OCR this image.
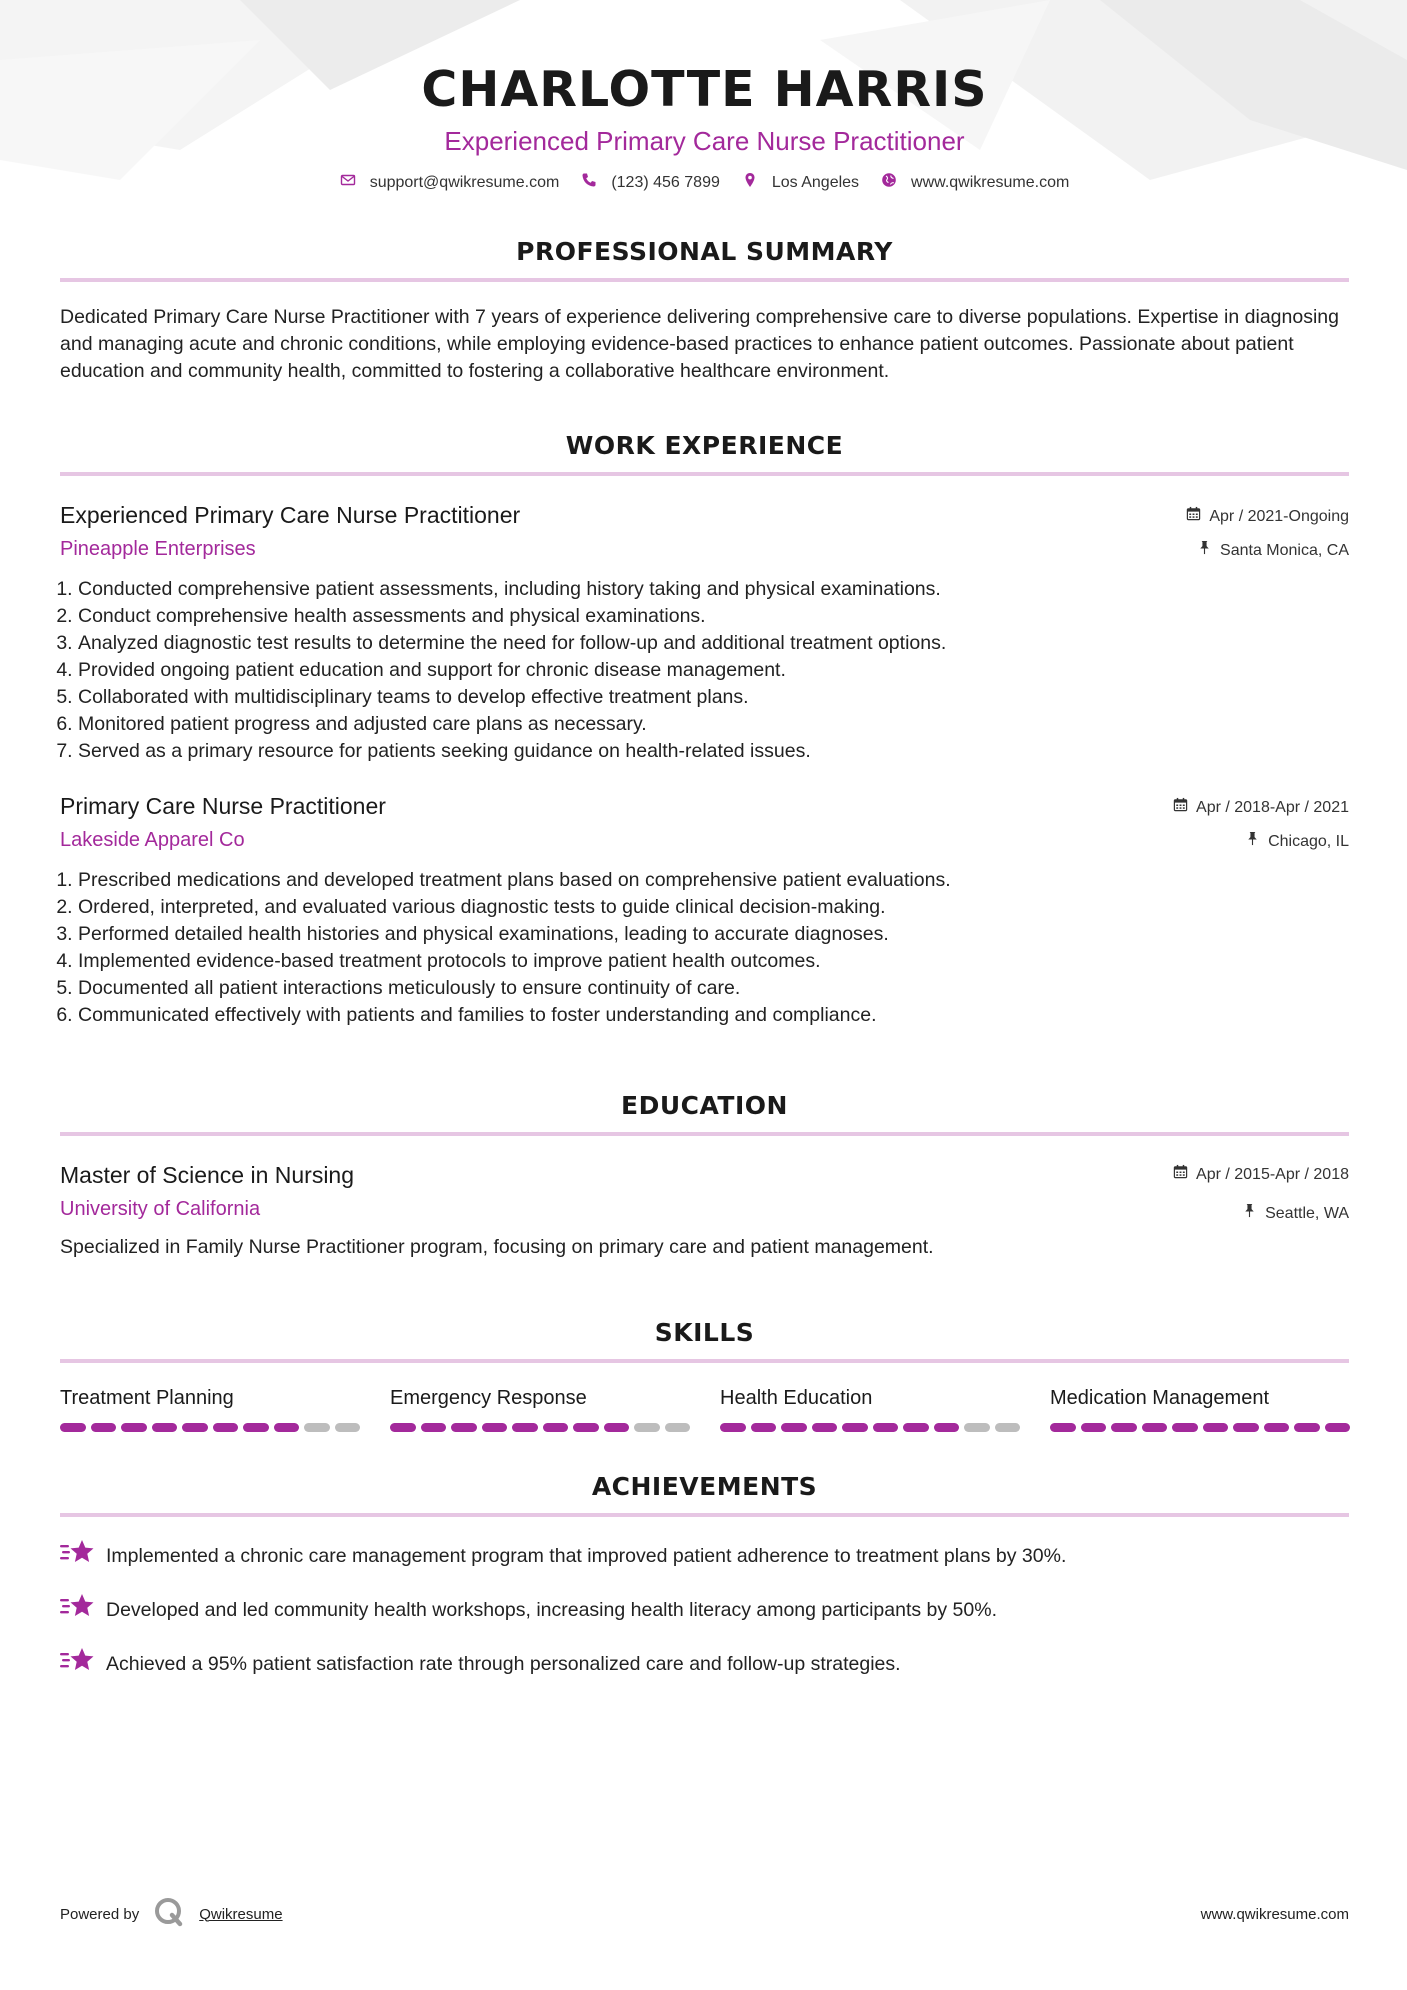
CHARLOTTE HARRIS
Experienced Primary Care Nurse Practitioner
support@qwikresume.com	(123) 456 7899	Los Angeles	www.qwikresume.com
PROFESSIONAL SUMMARY
Dedicated Primary Care Nurse Practitioner with 7 years of experience delivering comprehensive care to diverse populations. Expertise in diagnosing and managing acute and chronic conditions, while employing evidence-based practices to enhance patient outcomes. Passionate about patient education and community health, committed to fostering a collaborative healthcare environment.
WORK EXPERIENCE
Experienced Primary Care Nurse Practitioner
Pineapple Enterprises
Apr / 2021-Ongoing
Santa Monica, CA
1. Conducted comprehensive patient assessments, including history taking and physical examinations.
2. Conduct comprehensive health assessments and physical examinations.
3. Analyzed diagnostic test results to determine the need for follow-up and additional treatment options.
4. Provided ongoing patient education and support for chronic disease management.
5. Collaborated with multidisciplinary teams to develop effective treatment plans.
6. Monitored patient progress and adjusted care plans as necessary.
7. Served as a primary resource for patients seeking guidance on health-related issues.
Primary Care Nurse Practitioner
Lakeside Apparel Co
Apr / 2018-Apr / 2021
Chicago, IL
1. Prescribed medications and developed treatment plans based on comprehensive patient evaluations.
2. Ordered, interpreted, and evaluated various diagnostic tests to guide clinical decision-making.
3. Performed detailed health histories and physical examinations, leading to accurate diagnoses.
4. Implemented evidence-based treatment protocols to improve patient health outcomes.
5. Documented all patient interactions meticulously to ensure continuity of care.
6. Communicated effectively with patients and families to foster understanding and compliance.
EDUCATION
Master of Science in Nursing
University of California
Apr / 2015-Apr / 2018
Seattle, WA
Specialized in Family Nurse Practitioner program, focusing on primary care and patient management.
SKILLS
Treatment Planning	Emergency Response	Health Education	Medication Management
ACHIEVEMENTS
Implemented a chronic care management program that improved patient adherence to treatment plans by 30%.
Developed and led community health workshops, increasing health literacy among participants by 50%.
Achieved a 95% patient satisfaction rate through personalized care and follow-up strategies.
Powered by	Qwikresume	www.qwikresume.com
